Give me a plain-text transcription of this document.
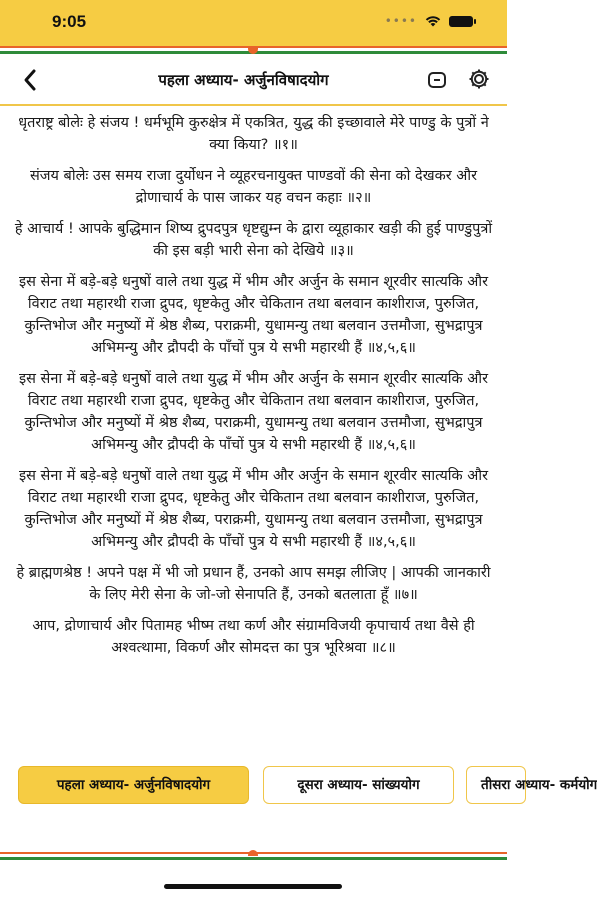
9:05	••••
पहला अध्याय- अर्जुनविषादयोग

धृतराष्ट्र बोलेः हे संजय ! धर्मभूमि कुरुक्षेत्र में एकत्रित, युद्ध की इच्छावाले मेरे पाण्डु के पुत्रों ने क्या किया? ॥१॥

संजय बोलेः उस समय राजा दुर्योधन ने व्यूहरचनायुक्त पाण्डवों की सेना को देखकर और द्रोणाचार्य के पास जाकर यह वचन कहाः ॥२॥

हे आचार्य ! आपके बुद्धिमान शिष्य द्रुपदपुत्र धृष्टद्युम्न के द्वारा व्यूहाकार खड़ी की हुई पाण्डुपुत्रों की इस बड़ी भारी सेना को देखिये ॥३॥

इस सेना में बड़े-बड़े धनुषों वाले तथा युद्ध में भीम और अर्जुन के समान शूरवीर सात्यकि और विराट तथा महारथी राजा द्रुपद, धृष्टकेतु और चेकितान तथा बलवान काशीराज, पुरुजित, कुन्तिभोज और मनुष्यों में श्रेष्ठ शैब्य, पराक्रमी, युधामन्यु तथा बलवान उत्तमौजा, सुभद्रापुत्र अभिमन्यु और द्रौपदी के पाँचों पुत्र ये सभी महारथी हैं ॥४,५,६॥

इस सेना में बड़े-बड़े धनुषों वाले तथा युद्ध में भीम और अर्जुन के समान शूरवीर सात्यकि और विराट तथा महारथी राजा द्रुपद, धृष्टकेतु और चेकितान तथा बलवान काशीराज, पुरुजित, कुन्तिभोज और मनुष्यों में श्रेष्ठ शैब्य, पराक्रमी, युधामन्यु तथा बलवान उत्तमौजा, सुभद्रापुत्र अभिमन्यु और द्रौपदी के पाँचों पुत्र ये सभी महारथी हैं ॥४,५,६॥

इस सेना में बड़े-बड़े धनुषों वाले तथा युद्ध में भीम और अर्जुन के समान शूरवीर सात्यकि और विराट तथा महारथी राजा द्रुपद, धृष्टकेतु और चेकितान तथा बलवान काशीराज, पुरुजित, कुन्तिभोज और मनुष्यों में श्रेष्ठ शैब्य, पराक्रमी, युधामन्यु तथा बलवान उत्तमौजा, सुभद्रापुत्र अभिमन्यु और द्रौपदी के पाँचों पुत्र ये सभी महारथी हैं ॥४,५,६॥

हे ब्राह्मणश्रेष्ठ ! अपने पक्ष में भी जो प्रधान हैं, उनको आप समझ लीजिए | आपकी जानकारी के लिए मेरी सेना के जो-जो सेनापति हैं, उनको बतलाता हूँ ॥७॥

आप, द्रोणाचार्य और पितामह भीष्म तथा कर्ण और संग्रामविजयी कृपाचार्य तथा वैसे ही अश्वत्थामा, विकर्ण और सोमदत्त का पुत्र भूरिश्रवा ॥८॥

पहला अध्याय- अर्जुनविषादयोग	दूसरा अध्याय- सांख्ययोग	तीसरा अध्याय- कर्मयोग
